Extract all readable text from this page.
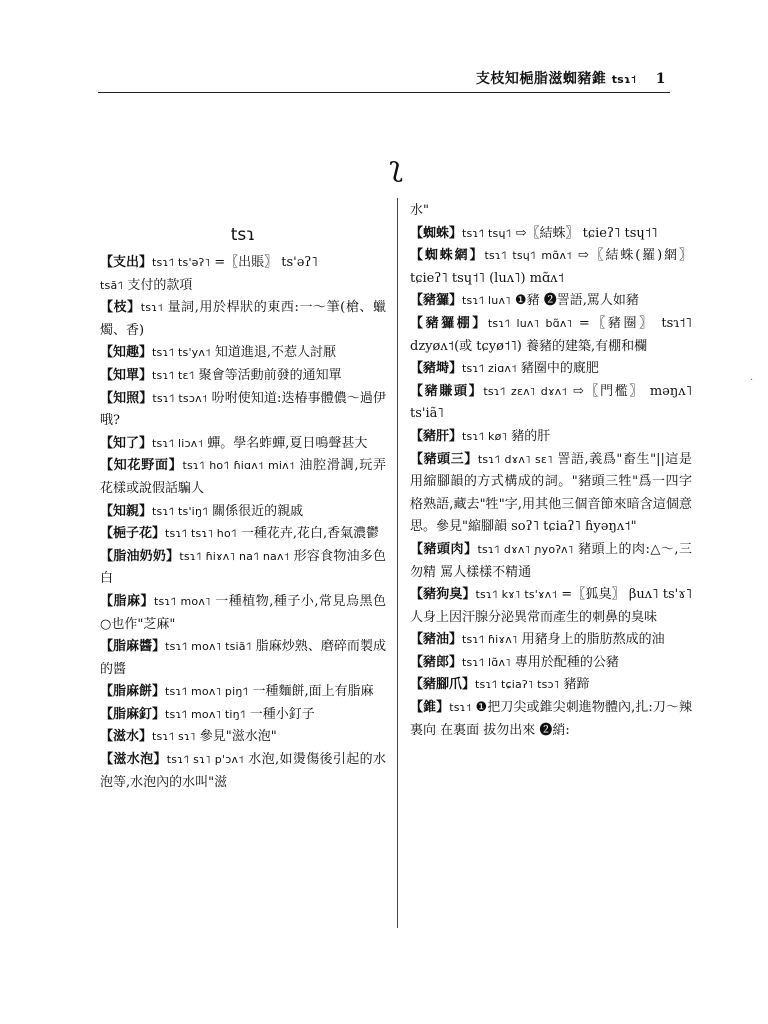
支枝知梔脂滋蜘豬錐 tsɿ˦ 1
ʅ
tsɿ

【支出】tsɿ˦˥ ts'əʔ˥ =〖出賬〗 ts'əʔ˥

tsã˦˥ 支付的款項

【枝】tsɿ˦ 量詞,用於桿狀的東西:一～筆(槍、蠟燭、香)

【知趣】tsɿ˦˥ ts'yʌ˦ 知道進退,不惹人討厭

【知單】tsɿ˦˥ tɛ˦˥ 聚會等活動前發的通知單

【知照】tsɿ˦˥ tsɔʌ˦ 吩咐使知道:迭椿事體儂～過伊哦?

【知了】tsɿ˦˥ liɔʌ˦ 蟬。學名蚱蟬,夏日鳴聲甚大

【知花野面】tsɿ˦˥ ho˦˥ ɦiɑʌ˦ miʌ˦ 油腔滑調,玩弄花樣或說假話騙人

【知親】tsɿ˦˥ ts'iŋ˦˥ 關係很近的親戚

【梔子花】tsɿ˦˥ tsɿ˥ ho˦˥ 一種花卉,花白,香氣濃鬱

【脂油奶奶】tsɿ˦˥ ɦiɤʌ˥ na˦˥ naʌ˦ 形容食物油多色白

【脂麻】tsɿ˦˥ moʌ˥ 一種植物,種子小,常見烏黑色 ○也作"芝麻"

【脂麻醬】tsɿ˦˥ moʌ˥ tsiã˦˥ 脂麻炒熟、磨碎而製成的醬

【脂麻餅】tsɿ˦˥ moʌ˥ piŋ˦˥ 一種麵餅,面上有脂麻

【脂麻釘】tsɿ˦˥ moʌ˥ tiŋ˦˥ 一種小釘子

【滋水】tsɿ˦˥ sɿ˥ 參見"滋水泡"

【滋水泡】tsɿ˦˥ sɿ˥ p'ɔʌ˦ 水泡,如燙傷後引起的水泡等,水泡內的水叫"滋

水"

【蜘蛛】tsɿ˦˥ tsɥ˦˥ ⇨〖結蛛〗 tɕieʔ˥ tsɥ˦˥

【蜘蛛網】tsɿ˦˥ tsɥ˦˥ mɑ̃ʌ˦ ⇨〖結蛛(羅)網〗 tɕieʔ˥ tsɥ˦˥ (luʌ˥) mɑ̃ʌ˦

【豬玀】tsɿ˦˥ luʌ˥ ❶豬 ❷詈語,罵人如豬

【豬玀棚】tsɿ˦˥ luʌ˥ bɑ̃ʌ˥ =〖豬圈〗 tsɿ˦˥ dzyøʌ˦(或 tɕyø˦˥) 養豬的建築,有棚和欄

【豬塒】tsɿ˦˥ ziɑʌ˦ 豬圈中的廐肥

【豬賺頭】tsɿ˦˥ zɛʌ˥ dɤʌ˦ ⇨〖門檻〗 məŋʌ˥ ts'iã˥

【豬肝】tsɿ˦˥ kø˥ 豬的肝

【豬頭三】tsɿ˦˥ dɤʌ˥ sɛ˥ 詈語,義爲"畜生"||這是用縮腳韻的方式構成的詞。"豬頭三牲"爲一四字格熟語,藏去"牲"字,用其他三個音節來暗含這個意思。參見"縮腳韻 soʔ˥ tɕiaʔ˥ ɦyəŋʌ˦"

【豬頭肉】tsɿ˦˥ dɤʌ˥ ɲyoʔʌ˥ 豬頭上的肉:△～,三勿精 罵人樣樣不精通

【豬狗臭】tsɿ˦˥ kɤ˥ ts'ɤʌ˦ =〖狐臭〗 βuʌ˥ ts'ɤ˥ 人身上因汗腺分泌異常而產生的刺鼻的臭味

【豬油】tsɿ˦˥ ɦiɤʌ˥ 用豬身上的脂肪熬成的油

【豬郎】tsɿ˦˥ lɑ̃ʌ˥ 專用於配種的公豬

【豬腳爪】tsɿ˦˥ tɕiaʔ˥ tsɔ˥ 豬蹄

【錐】tsɿ˦ ❶把刀尖或錐尖刺進物體內,扎:刀～辣裏向 在裏面 拔勿出來 ❷綃:

·
